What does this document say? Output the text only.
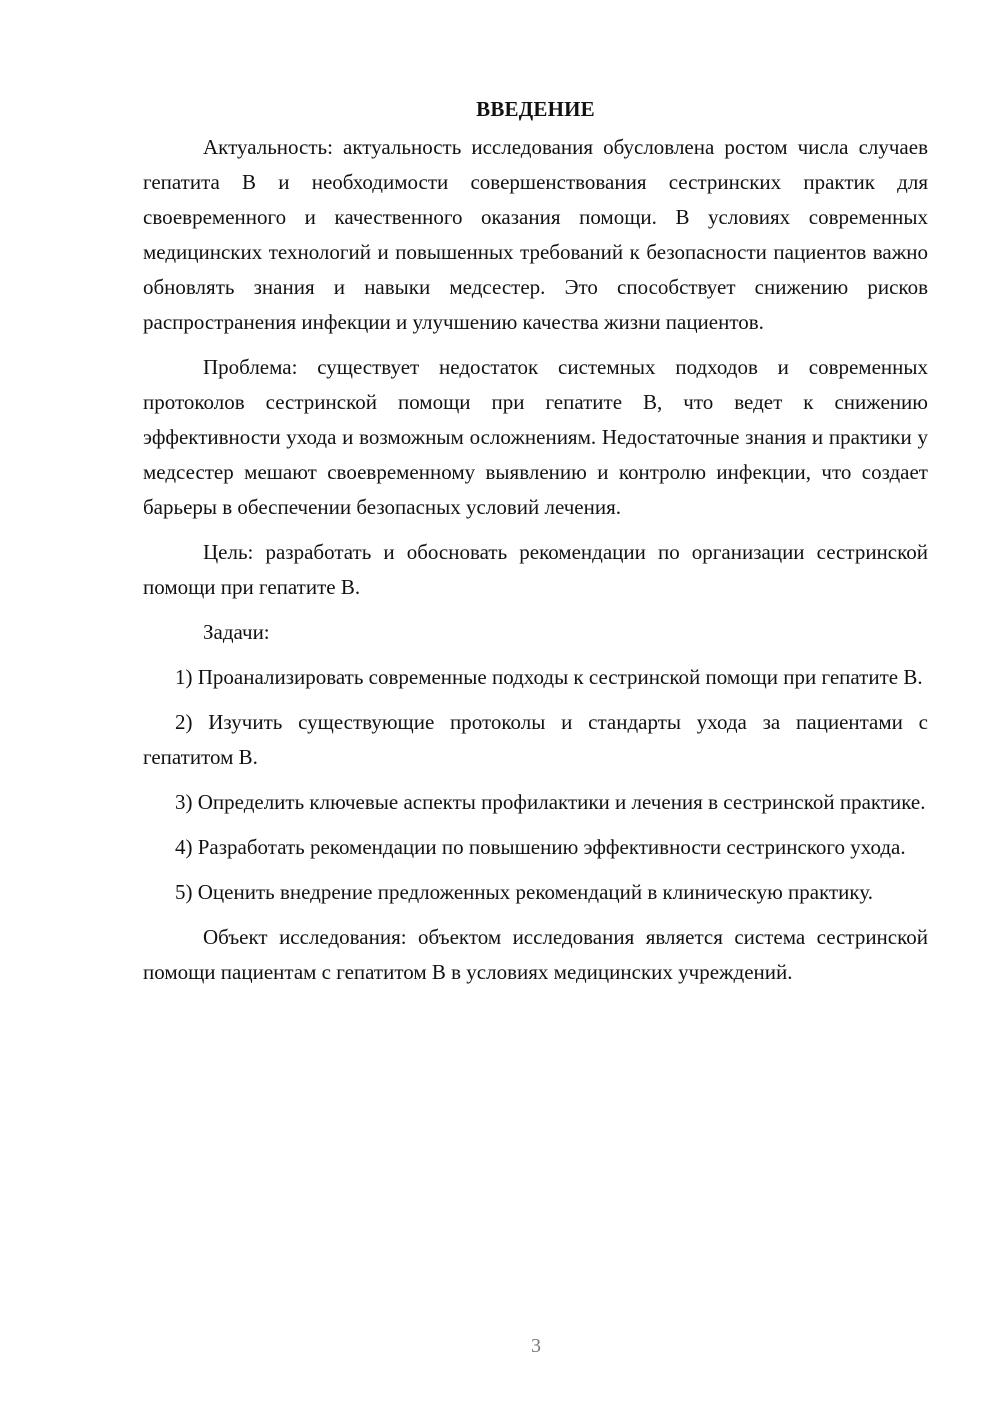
ВВЕДЕНИЕ

Актуальность: актуальность исследования обусловлена ростом числа случаев гепатита В и необходимости совершенствования сестринских практик для своевременного и качественного оказания помощи. В условиях современных медицинских технологий и повышенных требований к безопасности пациентов важно обновлять знания и навыки медсестер. Это способствует снижению рисков распространения инфекции и улучшению качества жизни пациентов.

Проблема: существует недостаток системных подходов и современных протоколов сестринской помощи при гепатите В, что ведет к снижению эффективности ухода и возможным осложнениям. Недостаточные знания и практики у медсестер мешают своевременному выявлению и контролю инфекции, что создает барьеры в обеспечении безопасных условий лечения.

Цель: разработать и обосновать рекомендации по организации сестринской помощи при гепатите В.

Задачи:

1) Проанализировать современные подходы к сестринской помощи при гепатите В.

2) Изучить существующие протоколы и стандарты ухода за пациентами с гепатитом В.

3) Определить ключевые аспекты профилактики и лечения в сестринской практике.

4) Разработать рекомендации по повышению эффективности сестринского ухода.

5) Оценить внедрение предложенных рекомендаций в клиническую практику.

Объект исследования: объектом исследования является система сестринской помощи пациентам с гепатитом В в условиях медицинских учреждений.

3
